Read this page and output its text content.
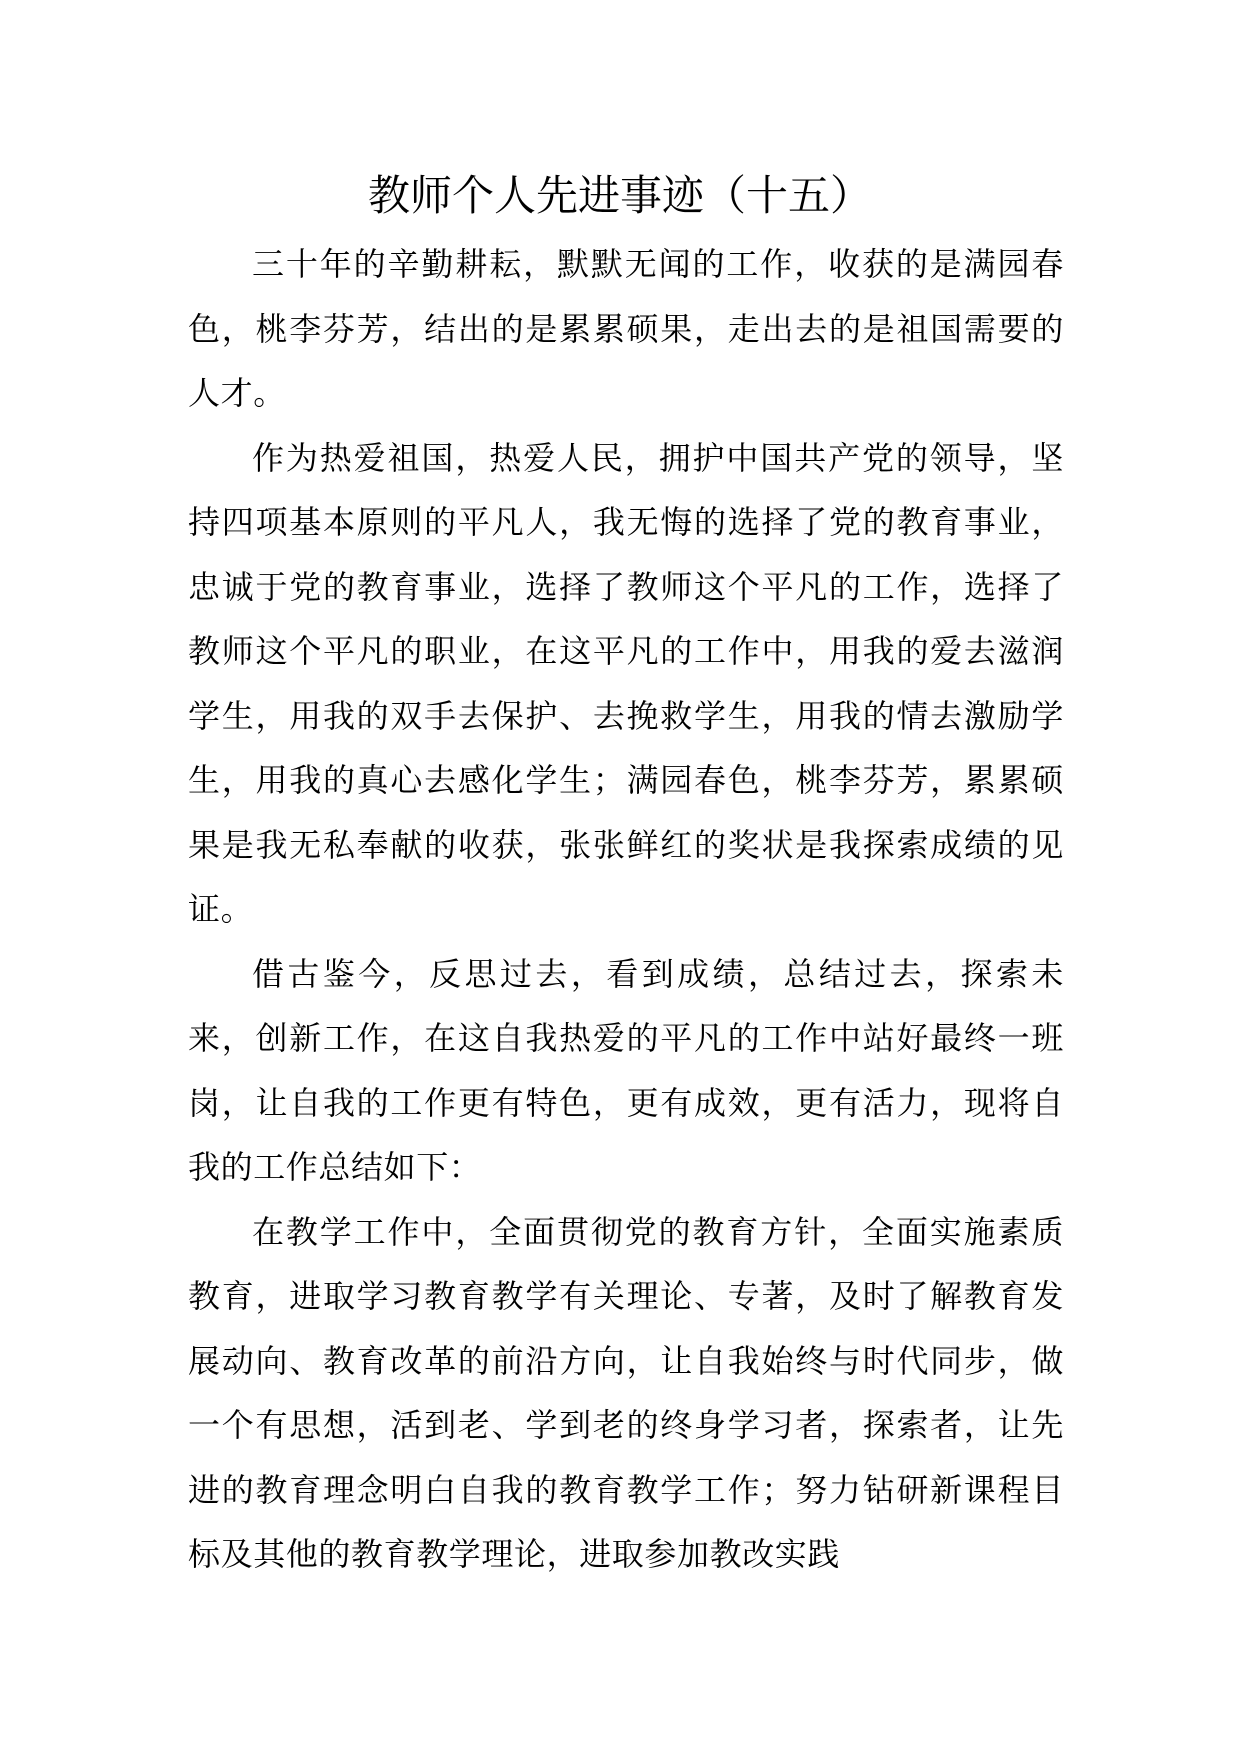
教师个人先进事迹（十五）

三十年的辛勤耕耘，默默无闻的工作，收获的是满园春色，桃李芬芳，结出的是累累硕果，走出去的是祖国需要的人才。

作为热爱祖国，热爱人民，拥护中国共产党的领导，坚持四项基本原则的平凡人，我无悔的选择了党的教育事业，忠诚于党的教育事业，选择了教师这个平凡的工作，选择了教师这个平凡的职业，在这平凡的工作中，用我的爱去滋润学生，用我的双手去保护、去挽救学生，用我的情去激励学生，用我的真心去感化学生；满园春色，桃李芬芳，累累硕果是我无私奉献的收获，张张鲜红的奖状是我探索成绩的见证。

借古鉴今，反思过去，看到成绩，总结过去，探索未来，创新工作，在这自我热爱的平凡的工作中站好最终一班岗，让自我的工作更有特色，更有成效，更有活力，现将自我的工作总结如下：

在教学工作中，全面贯彻党的教育方针，全面实施素质教育，进取学习教育教学有关理论、专著，及时了解教育发展动向、教育改革的前沿方向，让自我始终与时代同步，做一个有思想，活到老、学到老的终身学习者，探索者，让先进的教育理念明白自我的教育教学工作；努力钻研新课程目标及其他的教育教学理论，进取参加教改实践
